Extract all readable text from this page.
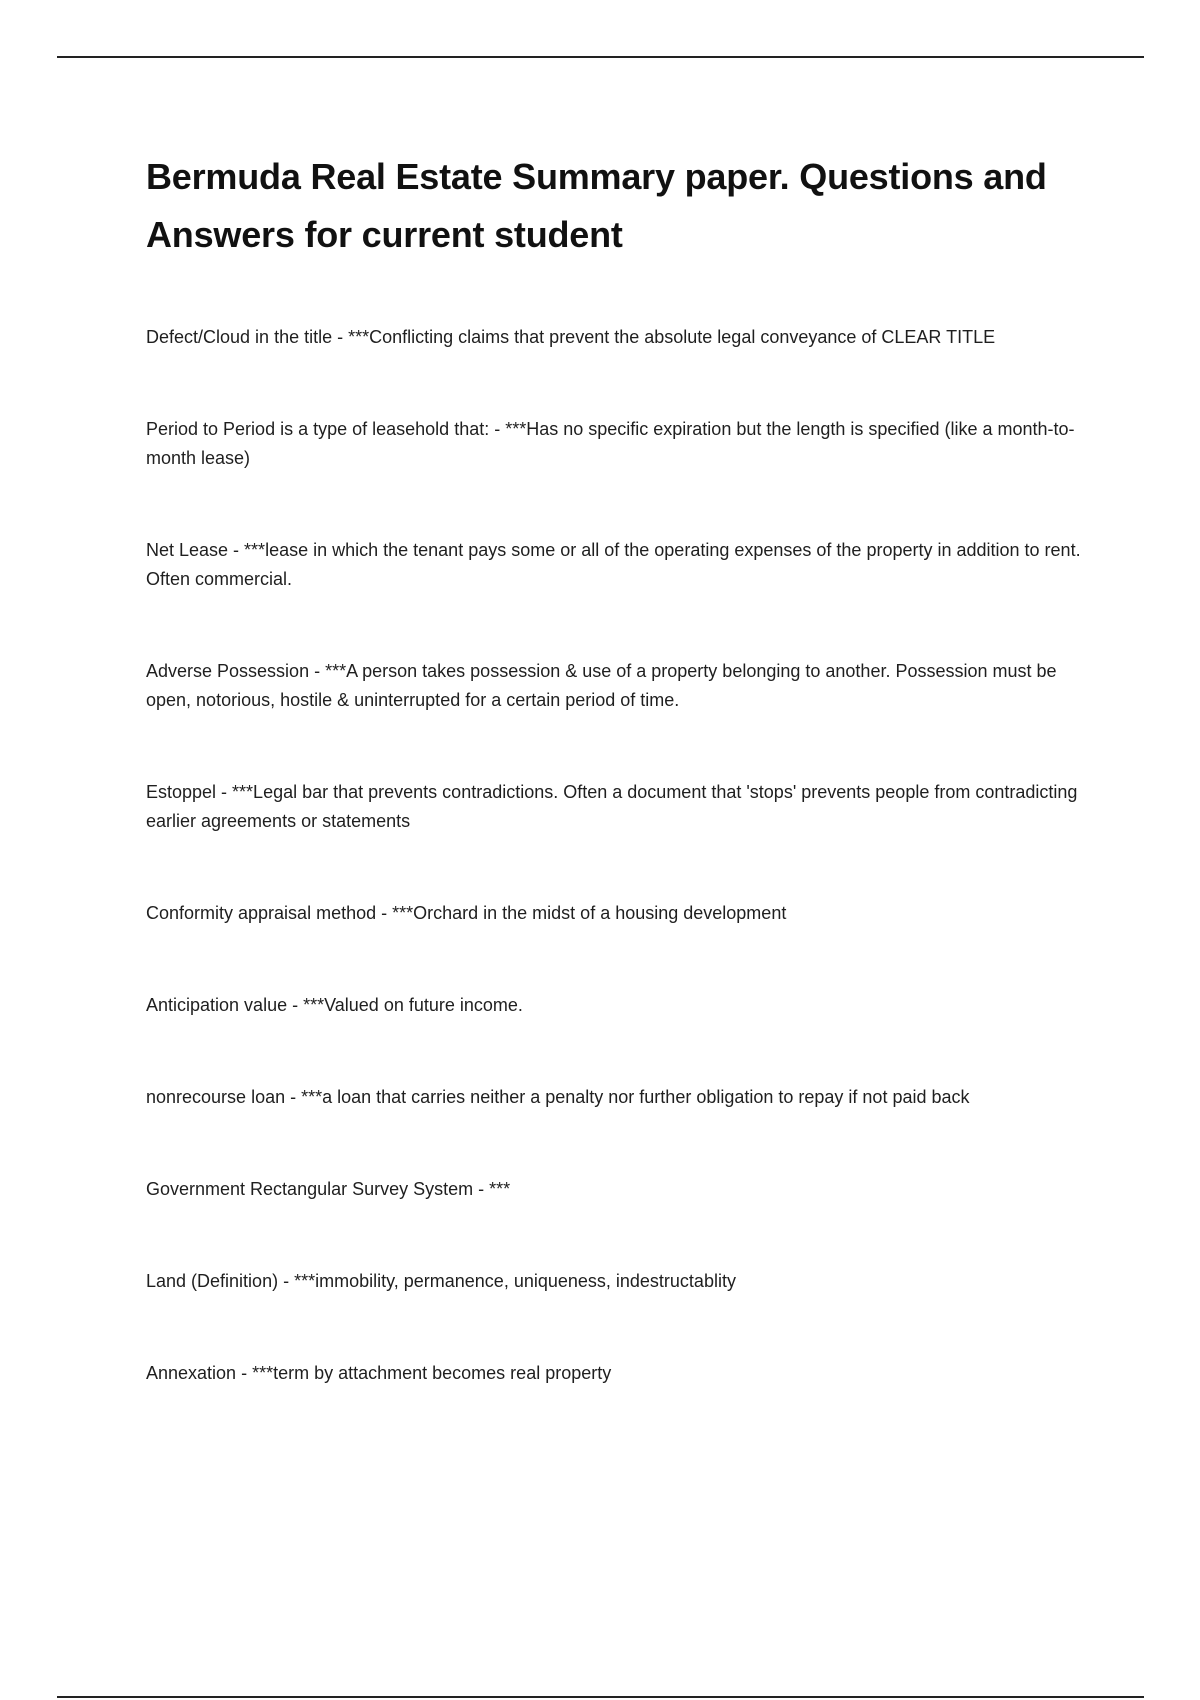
Bermuda Real Estate Summary paper. Questions and Answers for current student
Defect/Cloud in the title - ***Conflicting claims that prevent the absolute legal conveyance of CLEAR TITLE
Period to Period is a type of leasehold that: - ***Has no specific expiration but the length is specified (like a month-to-month lease)
Net Lease - ***lease in which the tenant pays some or all of the operating expenses of the property in addition to rent. Often commercial.
Adverse Possession - ***A person takes possession & use of a property belonging to another. Possession must be open, notorious, hostile & uninterrupted for a certain period of time.
Estoppel - ***Legal bar that prevents contradictions. Often a document that 'stops' prevents people from contradicting earlier agreements or statements
Conformity appraisal method - ***Orchard in the midst of a housing development
Anticipation value - ***Valued on future income.
nonrecourse loan - ***a loan that carries neither a penalty nor further obligation to repay if not paid back
Government Rectangular Survey System - ***
Land (Definition) - ***immobility, permanence, uniqueness, indestructablity
Annexation - ***term by attachment becomes real property
